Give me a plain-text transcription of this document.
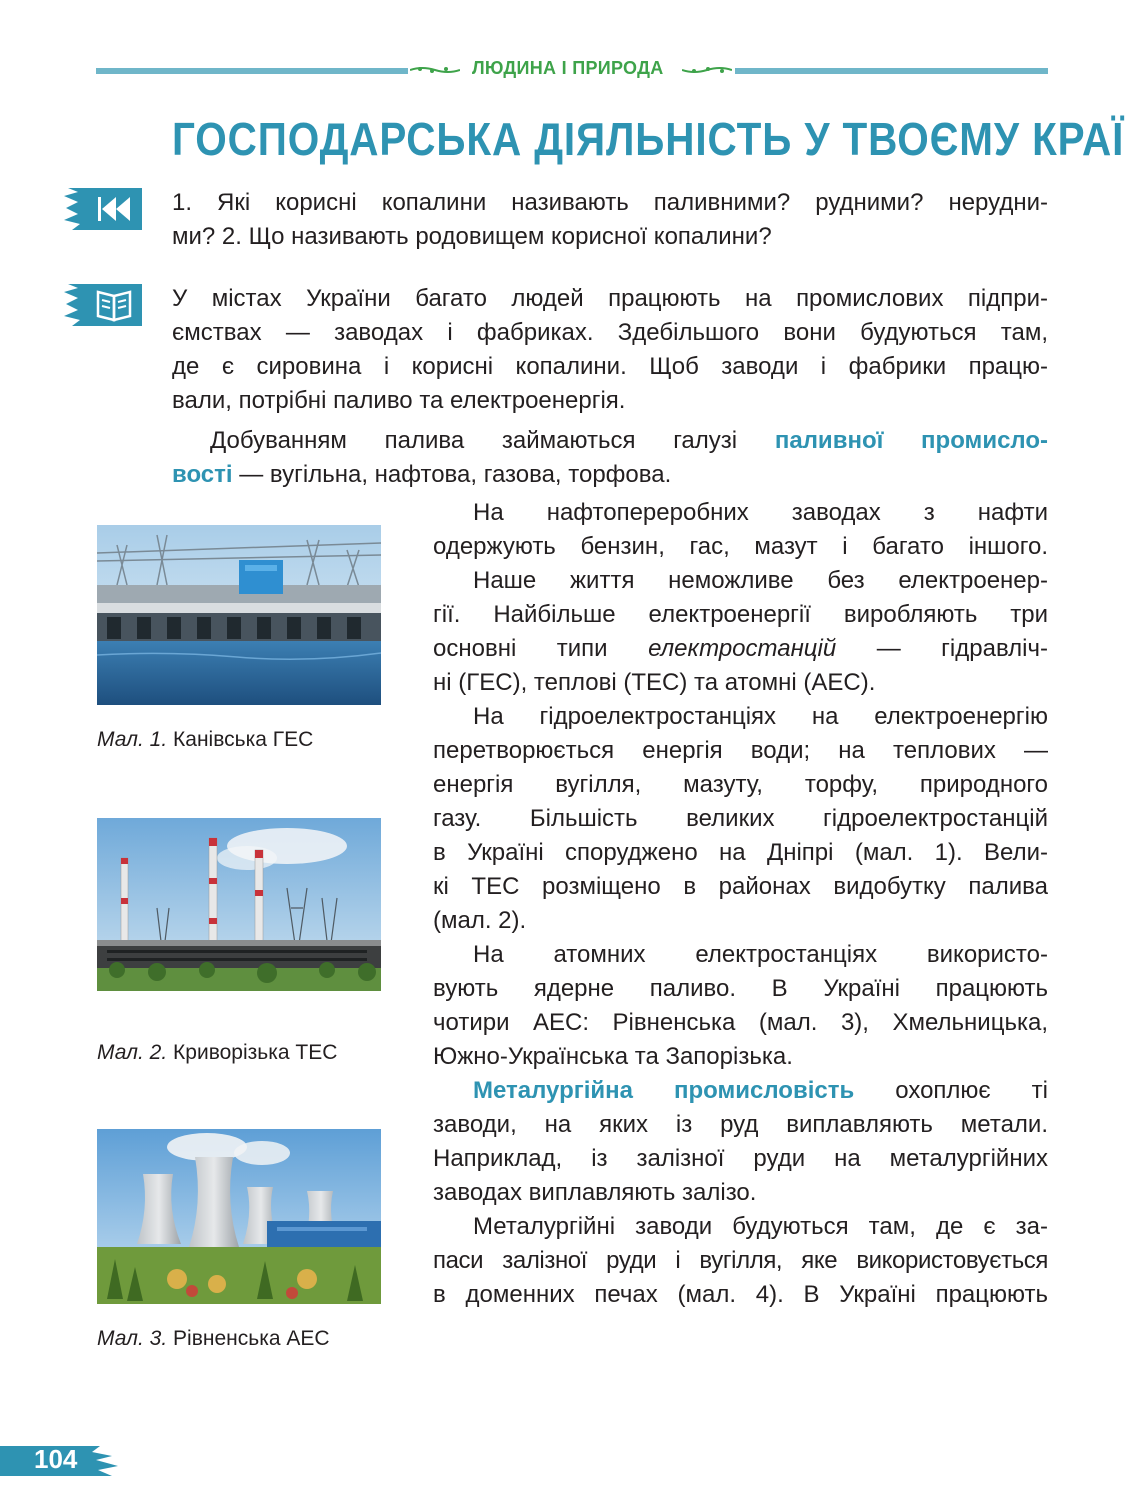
ЛЮДИНА І ПРИРОДА
ГОСПОДАРСЬКА ДІЯЛЬНІСТЬ У ТВОЄМУ КРАЇ
1. Які корисні копалини називають паливними? рудними? нерудни-
ми? 2. Що називають родовищем корисної копалини?
У містах України багато людей працюють на промислових підпри-
ємствах — заводах і фабриках. Здебільшого вони будуються там,
де є сировина і корисні копалини. Щоб заводи і фабрики працю-
вали, потрібні паливо та електроенергія.
Добуванням палива займаються галузі паливної промисло-
вості — вугільна, нафтова, газова, торфова.
На нафтопереробних заводах з нафти
одержують бензин, гас, мазут і багато іншого.
Наше життя неможливе без електроенер-
гії. Найбільше електроенергії виробляють три
основні типи електростанцій — гідравліч-
ні (ГЕС), теплові (ТЕС) та атомні (АЕС).
На гідроелектростанціях на електроенергію
перетворюється енергія води; на теплових —
енергія вугілля, мазуту, торфу, природного
газу. Більшість великих гідроелектростанцій
в Україні споруджено на Дніпрі (мал. 1). Вели-
кі ТЕС розміщено в районах видобутку палива
(мал. 2).
На атомних електростанціях використо-
вують ядерне паливо. В Україні працюють
чотири АЕС: Рівненська (мал. 3), Хмельницька,
Южно-Українська та Запорізька.
Металургійна промисловість охоплює ті
заводи, на яких із руд виплавляють метали.
Наприклад, із залізної руди на металургійних
заводах виплавляють залізо.
Металургійні заводи будуються там, де є за-
паси залізної руди і вугілля, яке використовується
в доменних печах (мал. 4). В Україні працюють
Мал. 1. Канівська ГЕС
Мал. 2. Криворізька ТЕС
Мал. 3. Рівненська АЕС
104
